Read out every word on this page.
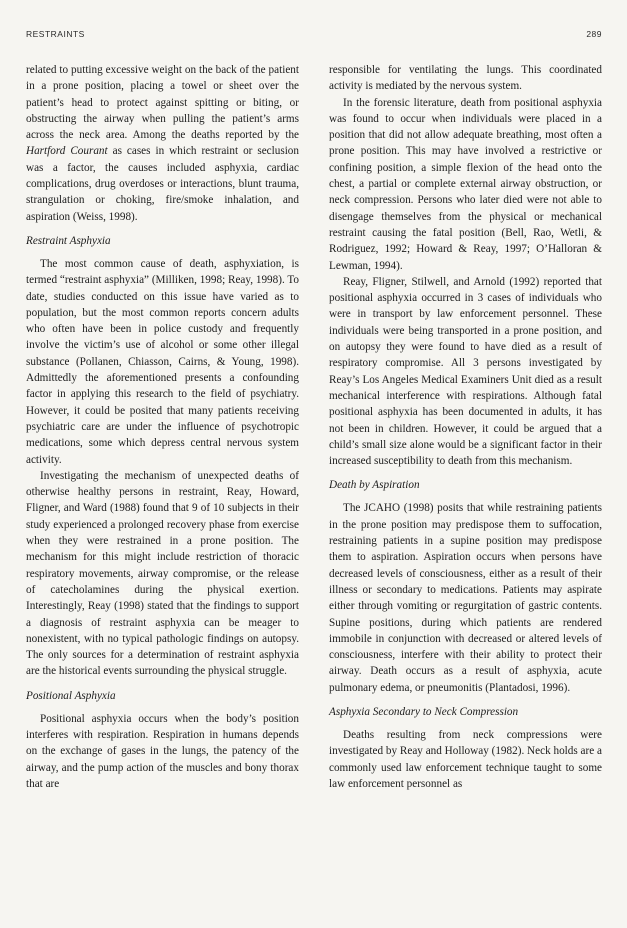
RESTRAINTS	289

related to putting excessive weight on the back of the patient in a prone position, placing a towel or sheet over the patient’s head to protect against spitting or biting, or obstructing the airway when pulling the patient’s arms across the neck area. Among the deaths reported by the Hartford Courant as cases in which restraint or seclusion was a factor, the causes included asphyxia, cardiac complications, drug overdoses or interactions, blunt trauma, strangulation or choking, fire/smoke inhalation, and aspiration (Weiss, 1998).

Restraint Asphyxia

The most common cause of death, asphyxiation, is termed “restraint asphyxia” (Milliken, 1998; Reay, 1998). To date, studies conducted on this issue have varied as to population, but the most common reports concern adults who often have been in police custody and frequently involve the victim’s use of alcohol or some other illegal substance (Pollanen, Chiasson, Cairns, & Young, 1998). Admittedly the aforementioned presents a confounding factor in applying this research to the field of psychiatry. However, it could be posited that many patients receiving psychiatric care are under the influence of psychotropic medications, some which depress central nervous system activity.

Investigating the mechanism of unexpected deaths of otherwise healthy persons in restraint, Reay, Howard, Fligner, and Ward (1988) found that 9 of 10 subjects in their study experienced a prolonged recovery phase from exercise when they were restrained in a prone position. The mechanism for this might include restriction of thoracic respiratory movements, airway compromise, or the release of catecholamines during the physical exertion. Interestingly, Reay (1998) stated that the findings to support a diagnosis of restraint asphyxia can be meager to nonexistent, with no typical pathologic findings on autopsy. The only sources for a determination of restraint asphyxia are the historical events surrounding the physical struggle.

Positional Asphyxia

Positional asphyxia occurs when the body’s position interferes with respiration. Respiration in humans depends on the exchange of gases in the lungs, the patency of the airway, and the pump action of the muscles and bony thorax that are

responsible for ventilating the lungs. This coordinated activity is mediated by the nervous system.

In the forensic literature, death from positional asphyxia was found to occur when individuals were placed in a position that did not allow adequate breathing, most often a prone position. This may have involved a restrictive or confining position, a simple flexion of the head onto the chest, a partial or complete external airway obstruction, or neck compression. Persons who later died were not able to disengage themselves from the physical or mechanical restraint causing the fatal position (Bell, Rao, Wetli, & Rodriguez, 1992; Howard & Reay, 1997; O’Halloran & Lewman, 1994).

Reay, Fligner, Stilwell, and Arnold (1992) reported that positional asphyxia occurred in 3 cases of individuals who were in transport by law enforcement personnel. These individuals were being transported in a prone position, and on autopsy they were found to have died as a result of respiratory compromise. All 3 persons investigated by Reay’s Los Angeles Medical Examiners Unit died as a result mechanical interference with respirations. Although fatal positional asphyxia has been documented in adults, it has not been in children. However, it could be argued that a child’s small size alone would be a significant factor in their increased susceptibility to death from this mechanism.

Death by Aspiration

The JCAHO (1998) posits that while restraining patients in the prone position may predispose them to suffocation, restraining patients in a supine position may predispose them to aspiration. Aspiration occurs when persons have decreased levels of consciousness, either as a result of their illness or secondary to medications. Patients may aspirate either through vomiting or regurgitation of gastric contents. Supine positions, during which patients are rendered immobile in conjunction with decreased or altered levels of consciousness, interfere with their ability to protect their airway. Death occurs as a result of asphyxia, acute pulmonary edema, or pneumonitis (Plantadosi, 1996).

Asphyxia Secondary to Neck Compression

Deaths resulting from neck compressions were investigated by Reay and Holloway (1982). Neck holds are a commonly used law enforcement technique taught to some law enforcement personnel as
